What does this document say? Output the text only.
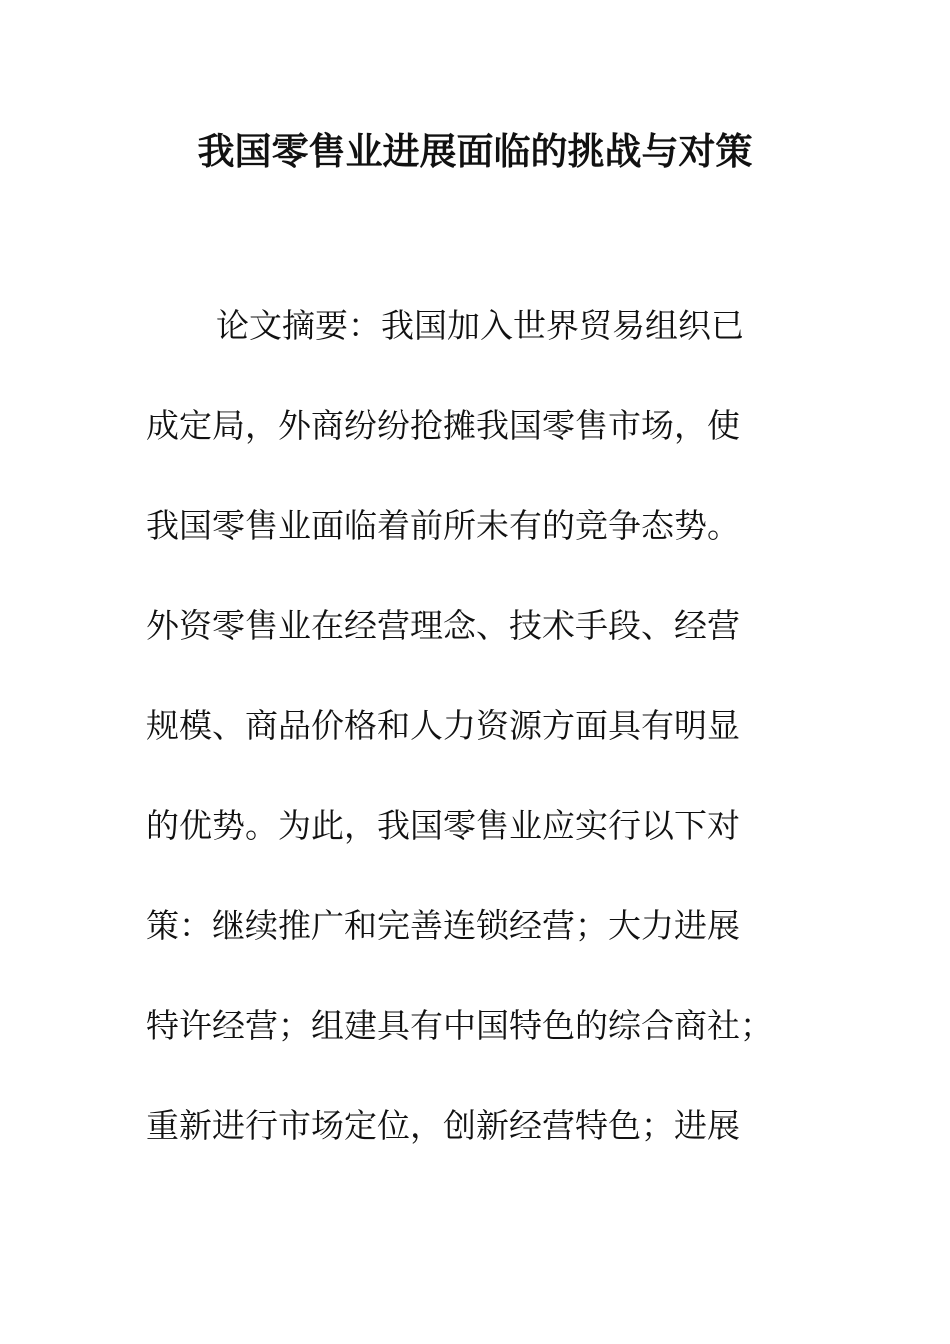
我国零售业进展面临的挑战与对策
论文摘要：我国加入世界贸易组织已
成定局，外商纷纷抢摊我国零售市场，使
我国零售业面临着前所未有的竞争态势。
外资零售业在经营理念、技术手段、经营
规模、商品价格和人力资源方面具有明显
的优势。为此，我国零售业应实行以下对
策：继续推广和完善连锁经营；大力进展
特许经营；组建具有中国特色的综合商社；
重新进行市场定位，创新经营特色；进展
